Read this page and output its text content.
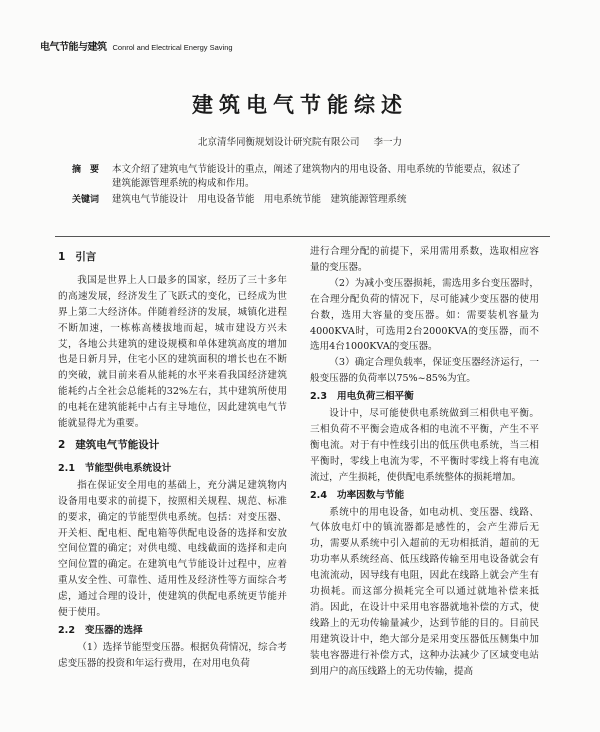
电气节能与建筑 Conrol and Electrical Energy Saving
建筑电气节能综述
北京清华同衡规划设计研究院有限公司 李一力
摘　要	本文介绍了建筑电气节能设计的重点，阐述了建筑物内的用电设备、用电系统的节能要点，叙述了建筑能源管理系统的构成和作用。
关键词	建筑电气节能设计　用电设备节能　用电系统节能　建筑能源管理系统
1 引言

我国是世界上人口最多的国家，经历了三十多年的高速发展，经济发生了飞跃式的变化，已经成为世界上第二大经济体。伴随着经济的发展，城镇化进程不断加速，一栋栋高楼拔地而起，城市建设方兴未艾，各地公共建筑的建设规模和单体建筑高度的增加也是日新月异，住宅小区的建筑面积的增长也在不断的突破，就目前来看从能耗的水平来看我国经济建筑能耗约占全社会总能耗的32%左右，其中建筑所使用的电耗在建筑能耗中占有主导地位，因此建筑电气节能就显得尤为重要。

2 建筑电气节能设计
2.1 节能型供电系统设计

指在保证安全用电的基础上，充分满足建筑物内设备用电要求的前提下，按照相关规程、规范、标准的要求，确定的节能型供电系统。包括：对变压器、开关柜、配电柜、配电箱等供配电设备的选择和安放空间位置的确定；对供电缆、电线截面的选择和走向空间位置的确定。在建筑电气节能设计过程中，应着重从安全性、可靠性、适用性及经济性等方面综合考虑，通过合理的设计，使建筑的供配电系统更节能并便于使用。

2.2 变压器的选择

（1）选择节能型变压器。根据负荷情况，综合考虑变压器的投资和年运行费用，在对用电负荷

进行合理分配的前提下，采用需用系数，选取相应容量的变压器。

（2）为减小变压器损耗，需选用多台变压器时，在合理分配负荷的情况下，尽可能减少变压器的使用台数，选用大容量的变压器。如：需要装机容量为4000KVA时，可选用2台2000KVA的变压器，而不选用4台1000KVA的变压器。

（3）确定合理负载率，保证变压器经济运行，一般变压器的负荷率以75%~85%为宜。

2.3 用电负荷三相平衡

设计中，尽可能使供电系统做到三相供电平衡。三相负荷不平衡会造成各相的电流不平衡，产生不平衡电流。对于有中性线引出的低压供电系统，当三相平衡时，零线上电流为零，不平衡时零线上将有电流流过，产生损耗，使供配电系统整体的损耗增加。

2.4 功率因数与节能

系统中的用电设备，如电动机、变压器、线路、气体放电灯中的镇流器都是感性的，会产生滞后无功，需要从系统中引入超前的无功相抵消，超前的无功功率从系统经高、低压线路传输至用电设备就会有电流流动，因导线有电阻，因此在线路上就会产生有功损耗。而这部分损耗完全可以通过就地补偿来抵消。因此，在设计中采用电容器就地补偿的方式，使线路上的无功传输量减少，达到节能的目的。目前民用建筑设计中，绝大部分是采用变压器低压侧集中加装电容器进行补偿方式，这种办法减少了区域变电站到用户的高压线路上的无功传输，提高
